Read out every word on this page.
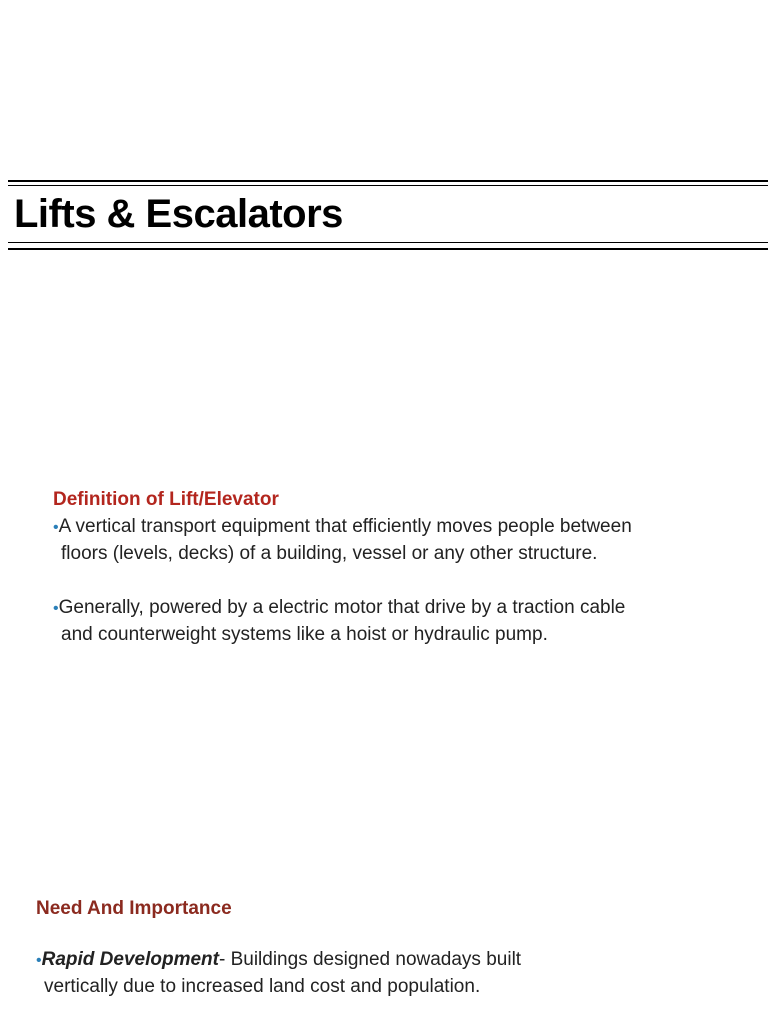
Lifts & Escalators
Definition of Lift/Elevator

•A vertical transport equipment that efficiently moves people between
floors (levels, decks) of a building, vessel or any other structure.

•Generally, powered by a electric motor that drive by a traction cable
and counterweight systems like a hoist or hydraulic pump.

Need And Importance

•Rapid Development- Buildings designed nowadays built
vertically due to increased land cost and population.
